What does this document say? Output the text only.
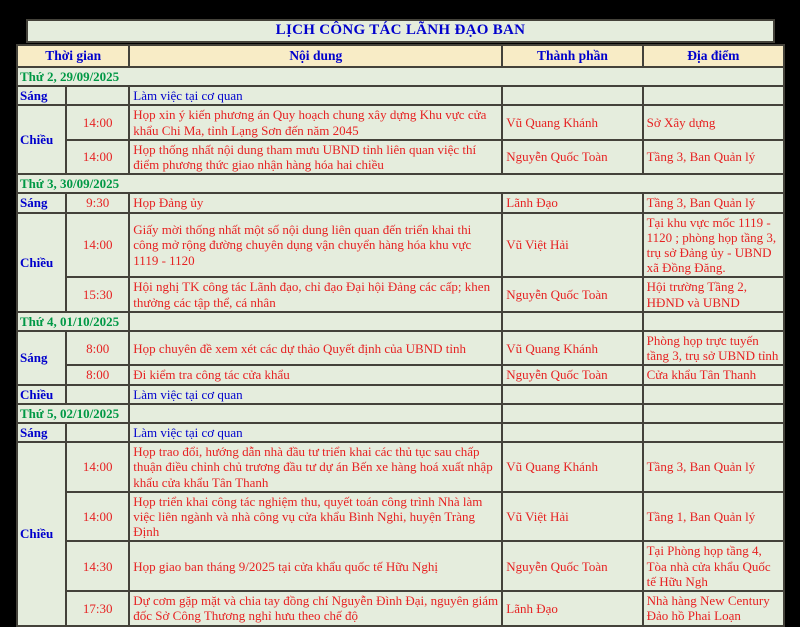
LỊCH CÔNG TÁC LÃNH ĐẠO BAN
Thời gian		Nội dung	Thành phần	Địa điểm
Thứ 2, 29/09/2025				
Sáng		Làm việc tại cơ quan		
Chiều	14:00	Họp xin ý kiến phương án Quy hoạch chung xây dựng Khu vực cửa khẩu Chi Ma, tỉnh Lạng Sơn đến năm 2045	Vũ Quang Khánh	Sở Xây dựng
	14:00	Họp thống nhất nội dung tham mưu UBND tỉnh liên quan việc thí điểm phương thức giao nhận hàng hóa hai chiều	Nguyễn Quốc Toàn	Tầng 3, Ban Quản lý
Thứ 3, 30/09/2025				
Sáng	9:30	Họp Đảng ủy	Lãnh Đạo	Tầng 3, Ban Quản lý
Chiều	14:00	Giấy mời thống nhất một số nội dung liên quan đến triển khai thi công mở rộng đường chuyên dụng vận chuyển hàng hóa khu vực 1119 - 1120	Vũ Việt Hải	Tại khu vực mốc 1119 - 1120 ; phòng họp tầng 3, trụ sở Đảng ủy - UBND xã Đồng Đăng.
	15:30	Hội nghị TK công tác Lãnh đạo, chỉ đạo Đại hội Đảng các cấp; khen thưởng các tập thể, cá nhân	Nguyễn Quốc Toàn	Hội trường Tầng 2, HĐND và UBND
Thứ 4, 01/10/2025				
Sáng	8:00	Họp chuyên đề xem xét các dự thảo Quyết định của UBND tỉnh	Vũ Quang Khánh	Phòng họp trực tuyến tầng 3, trụ sở UBND tỉnh
	8:00	Đi kiểm tra công tác cửa khẩu	Nguyễn Quốc Toàn	Cửa khẩu Tân Thanh
Chiều		Làm việc tại cơ quan		
Thứ 5, 02/10/2025				
Sáng		Làm việc tại cơ quan		
Chiều	14:00	Họp trao đổi, hướng dẫn nhà đầu tư triển khai các thủ tục sau chấp thuận điều chỉnh chủ trương đầu tư dự án Bến xe hàng hoá xuất nhập khẩu cửa khẩu Tân Thanh	Vũ Quang Khánh	Tầng 3, Ban Quản lý
	14:00	Họp triển khai công tác nghiệm thu, quyết toán công trình Nhà làm việc liên ngành và nhà công vụ cửa khẩu Bình Nghi, huyện Tràng Định	Vũ Việt Hải	Tầng 1, Ban Quản lý
	14:30	Họp giao ban tháng 9/2025 tại cửa khẩu quốc tế Hữu Nghị	Nguyễn Quốc Toàn	Tại Phòng họp tầng 4, Tòa nhà cửa khẩu Quốc tế Hữu Ngh
	17:30	Dự cơm gặp mặt và chia tay đồng chí Nguyễn Đình Đại, nguyên giám đốc Sở Công Thương nghỉ hưu theo chế độ	Lãnh Đạo	Nhà hàng New Century Đảo hồ Phai Loạn
